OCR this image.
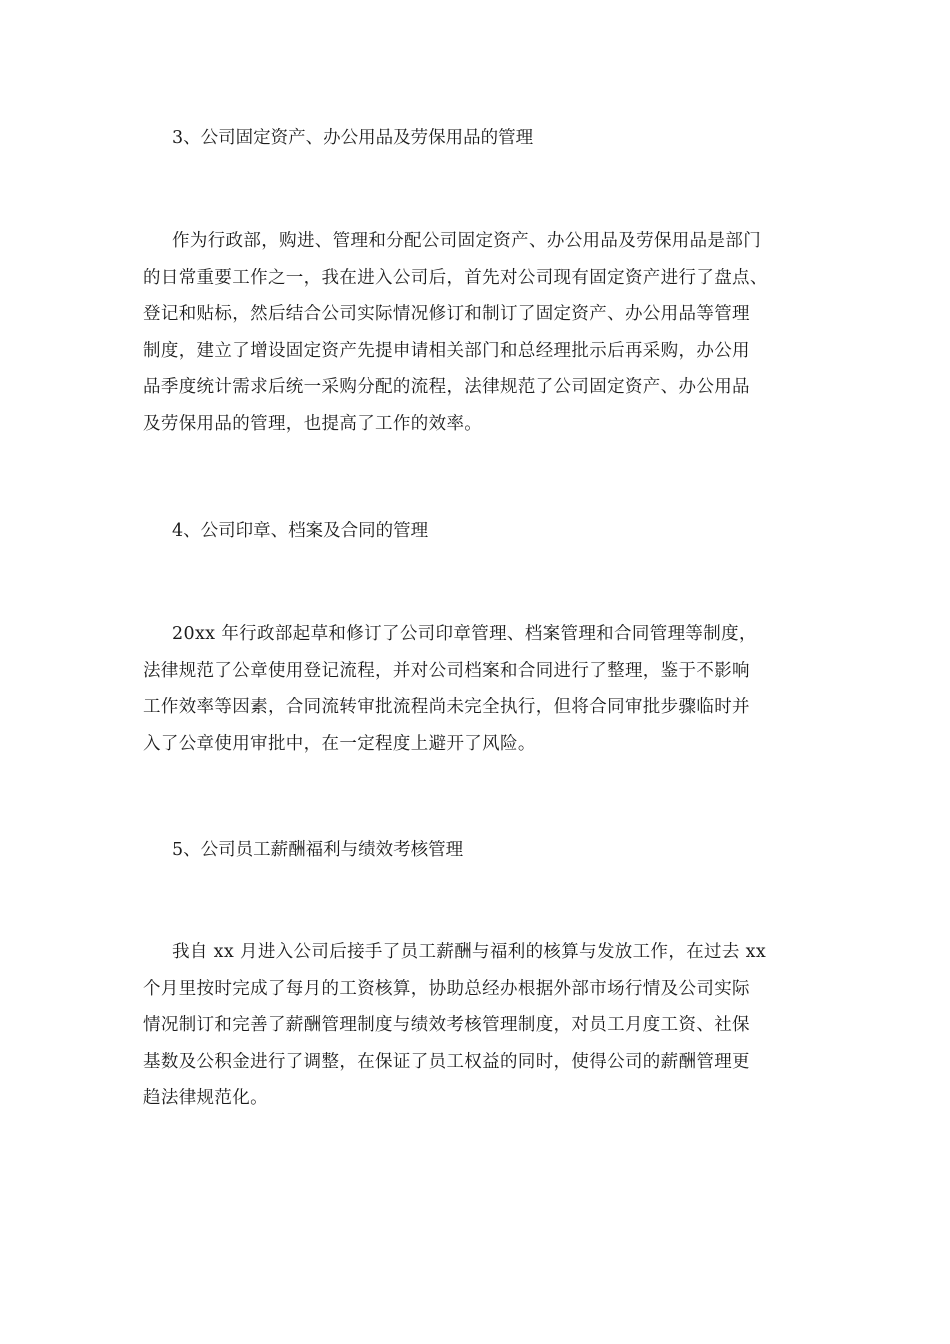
3、公司固定资产、办公用品及劳保用品的管理
作为行政部，购进、管理和分配公司固定资产、办公用品及劳保用品是部门
的日常重要工作之一，我在进入公司后，首先对公司现有固定资产进行了盘点、
登记和贴标，然后结合公司实际情况修订和制订了固定资产、办公用品等管理
制度，建立了增设固定资产先提申请相关部门和总经理批示后再采购，办公用
品季度统计需求后统一采购分配的流程，法律规范了公司固定资产、办公用品
及劳保用品的管理，也提高了工作的效率。
4、公司印章、档案及合同的管理
20xx 年行政部起草和修订了公司印章管理、档案管理和合同管理等制度，
法律规范了公章使用登记流程，并对公司档案和合同进行了整理，鉴于不影响
工作效率等因素，合同流转审批流程尚未完全执行，但将合同审批步骤临时并
入了公章使用审批中，在一定程度上避开了风险。
5、公司员工薪酬福利与绩效考核管理
我自 xx 月进入公司后接手了员工薪酬与福利的核算与发放工作，在过去 xx
个月里按时完成了每月的工资核算，协助总经办根据外部市场行情及公司实际
情况制订和完善了薪酬管理制度与绩效考核管理制度，对员工月度工资、社保
基数及公积金进行了调整，在保证了员工权益的同时，使得公司的薪酬管理更
趋法律规范化。
